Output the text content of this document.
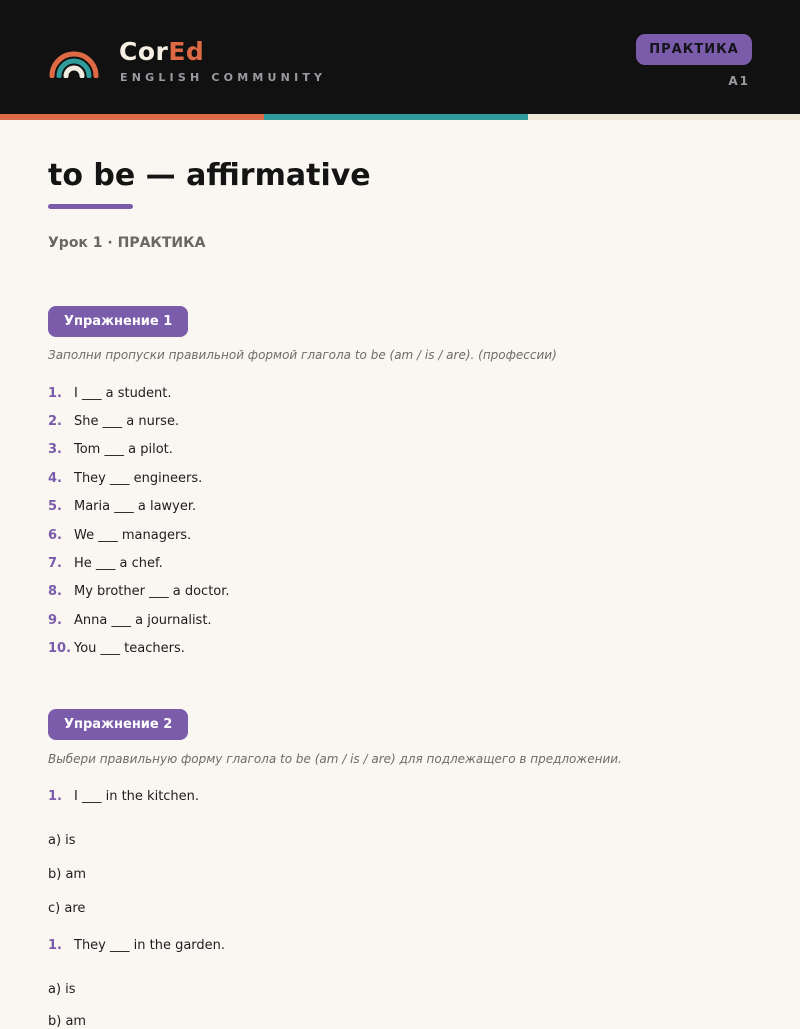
CorEd
ENGLISH COMMUNITY
ПРАКТИКА
A1
to be — affirmative
Урок 1 · ПРАКТИКА
Упражнение 1
Заполни пропуски правильной формой глагола to be (am / is / are). (профессии)
1. I ___ a student.
2. She ___ a nurse.
3. Tom ___ a pilot.
4. They ___ engineers.
5. Maria ___ a lawyer.
6. We ___ managers.
7. He ___ a chef.
8. My brother ___ a doctor.
9. Anna ___ a journalist.
10. You ___ teachers.
Упражнение 2
Выбери правильную форму глагола to be (am / is / are) для подлежащего в предложении.
1. I ___ in the kitchen.
a) is
b) am
c) are
1. They ___ in the garden.
a) is
b) am
